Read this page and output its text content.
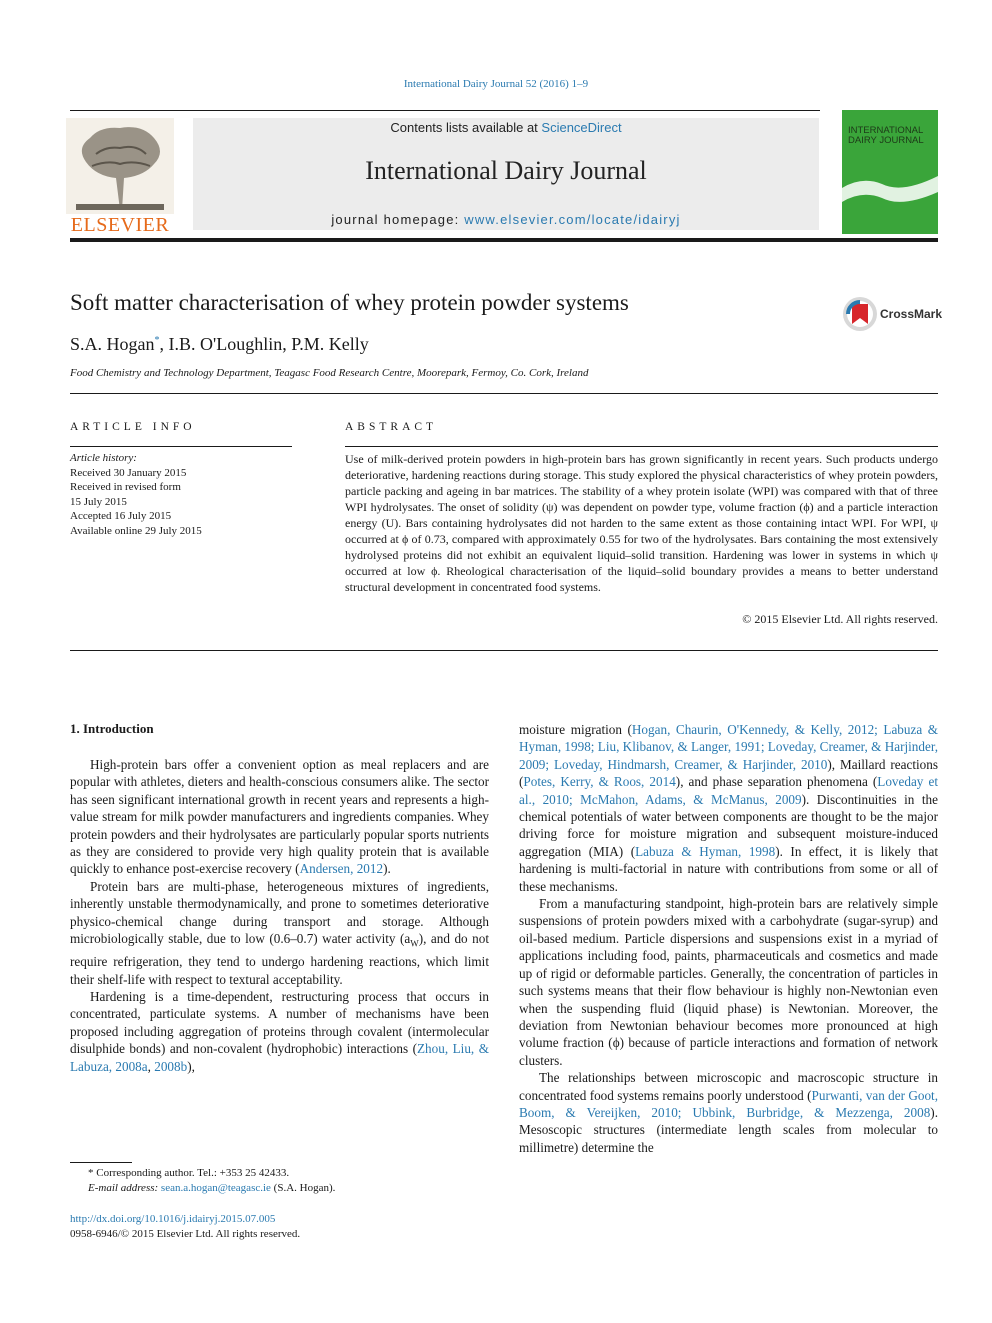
International Dairy Journal 52 (2016) 1–9
ELSEVIER
Contents lists available at ScienceDirect
International Dairy Journal
journal homepage: www.elsevier.com/locate/idairyj
INTERNATIONAL DAIRY JOURNAL
Soft matter characterisation of whey protein powder systems	CrossMark
S.A. Hogan*, I.B. O'Loughlin, P.M. Kelly
Food Chemistry and Technology Department, Teagasc Food Research Centre, Moorepark, Fermoy, Co. Cork, Ireland
ARTICLE INFO
Article history:
Received 30 January 2015
Received in revised form
15 July 2015
Accepted 16 July 2015
Available online 29 July 2015
ABSTRACT
Use of milk-derived protein powders in high-protein bars has grown significantly in recent years. Such products undergo deteriorative, hardening reactions during storage. This study explored the physical characteristics of whey protein powders, particle packing and ageing in bar matrices. The stability of a whey protein isolate (WPI) was compared with that of three WPI hydrolysates. The onset of solidity (ψ) was dependent on powder type, volume fraction (ϕ) and a particle interaction energy (U). Bars containing hydrolysates did not harden to the same extent as those containing intact WPI. For WPI, ψ occurred at ϕ of 0.73, compared with approximately 0.55 for two of the hydrolysates. Bars containing the most extensively hydrolysed proteins did not exhibit an equivalent liquid–solid transition. Hardening was lower in systems in which ψ occurred at low ϕ. Rheological characterisation of the liquid–solid boundary provides a means to better understand structural development in concentrated food systems.
© 2015 Elsevier Ltd. All rights reserved.
1. Introduction

High-protein bars offer a convenient option as meal replacers and are popular with athletes, dieters and health-conscious consumers alike. The sector has seen significant international growth in recent years and represents a high-value stream for milk powder manufacturers and ingredients companies. Whey protein powders and their hydrolysates are particularly popular sports nutrients as they are considered to provide very high quality protein that is available quickly to enhance post-exercise recovery (Andersen, 2012).

Protein bars are multi-phase, heterogeneous mixtures of ingredients, inherently unstable thermodynamically, and prone to sometimes deteriorative physico-chemical change during transport and storage. Although microbiologically stable, due to low (0.6–0.7) water activity $(a_W)$, and do not require refrigeration, they tend to undergo hardening reactions, which limit their shelf-life with respect to textural acceptability.

Hardening is a time-dependent, restructuring process that occurs in concentrated, particulate systems. A number of mechanisms have been proposed including aggregation of proteins through covalent (intermolecular disulphide bonds) and non-covalent (hydrophobic) interactions (Zhou, Liu, & Labuza, 2008a, 2008b),

moisture migration (Hogan, Chaurin, O'Kennedy, & Kelly, 2012; Labuza & Hyman, 1998; Liu, Klibanov, & Langer, 1991; Loveday, Creamer, & Harjinder, 2009; Loveday, Hindmarsh, Creamer, & Harjinder, 2010), Maillard reactions (Potes, Kerry, & Roos, 2014), and phase separation phenomena (Loveday et al., 2010; McMahon, Adams, & McManus, 2009). Discontinuities in the chemical potentials of water between components are thought to be the major driving force for moisture migration and subsequent moisture-induced aggregation (MIA) (Labuza & Hyman, 1998). In effect, it is likely that hardening is multi-factorial in nature with contributions from some or all of these mechanisms.

From a manufacturing standpoint, high-protein bars are relatively simple suspensions of protein powders mixed with a carbohydrate (sugar-syrup) and oil-based medium. Particle dispersions and suspensions exist in a myriad of applications including food, paints, pharmaceuticals and cosmetics and made up of rigid or deformable particles. Generally, the concentration of particles in such systems means that their flow behaviour is highly non-Newtonian even when the suspending fluid (liquid phase) is Newtonian. Moreover, the deviation from Newtonian behaviour becomes more pronounced at high volume fraction (ϕ) because of particle interactions and formation of network clusters.

The relationships between microscopic and macroscopic structure in concentrated food systems remains poorly understood (Purwanti, van der Goot, Boom, & Vereijken, 2010; Ubbink, Burbridge, & Mezzenga, 2008). Mesoscopic structures (intermediate length scales from molecular to millimetre) determine the

* Corresponding author. Tel.: +353 25 42433.
E-mail address: sean.a.hogan@teagasc.ie (S.A. Hogan).
http://dx.doi.org/10.1016/j.idairyj.2015.07.005
0958-6946/© 2015 Elsevier Ltd. All rights reserved.
